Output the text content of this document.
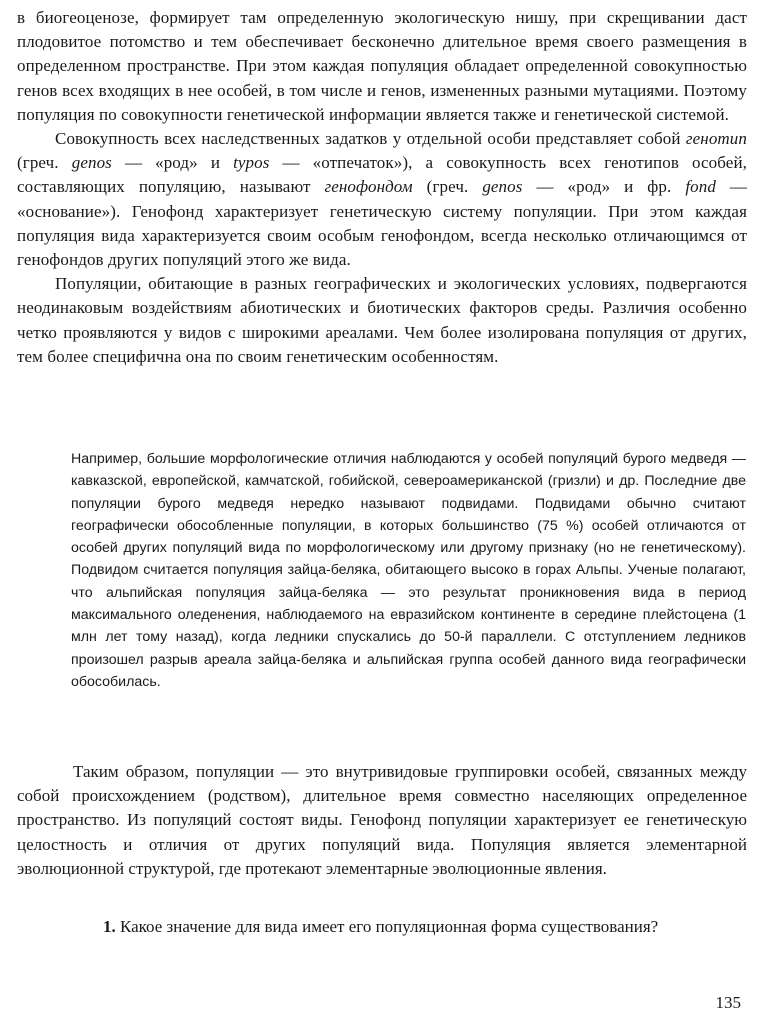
в биогеоценозе, формирует там определенную экологическую нишу, при скрещивании даст плодовитое потомство и тем обеспечивает бесконечно длительное время своего размещения в определенном пространстве. При этом каждая популяция обладает определенной совокупностью генов всех входящих в нее особей, в том числе и генов, измененных разными мутациями. Поэтому популяция по совокупности генетической информации является также и генетической системой.

Совокупность всех наследственных задатков у отдельной особи представляет собой генотип (греч. genos — «род» и typos — «отпечаток»), а совокупность всех генотипов особей, составляющих популяцию, называют генофондом (греч. genos — «род» и фр. fond — «основание»). Генофонд характеризует генетическую систему популяции. При этом каждая популяция вида характеризуется своим особым генофондом, всегда несколько отличающимся от генофондов других популяций этого же вида.

Популяции, обитающие в разных географических и экологических условиях, подвергаются неодинаковым воздействиям абиотических и биотических факторов среды. Различия особенно четко проявляются у видов с широкими ареалами. Чем более изолирована популяция от других, тем более специфична она по своим генетическим особенностям.

Например, большие морфологические отличия наблюдаются у особей популяций бурого медведя — кавказской, европейской, камчатской, гобийской, североамериканской (гризли) и др. Последние две популяции бурого медведя нередко называют подвидами. Подвидами обычно считают географически обособленные популяции, в которых большинство (75 %) особей отличаются от особей других популяций вида по морфологическому или другому признаку (но не генетическому). Подвидом считается популяция зайца-беляка, обитающего высоко в горах Альпы. Ученые полагают, что альпийская популяция зайца-беляка — это результат проникновения вида в период максимального оледенения, наблюдаемого на евразийском континенте в середине плейстоцена (1 млн лет тому назад), когда ледники спускались до 50-й параллели. С отступлением ледников произошел разрыв ареала зайца-беляка и альпийская группа особей данного вида географически обособилась.

Таким образом, популяции — это внутривидовые группировки особей, связанных между собой происхождением (родством), длительное время совместно населяющих определенное пространство. Из популяций состоят виды. Генофонд популяции характеризует ее генетическую целостность и отличия от других популяций вида. Популяция является элементарной эволюционной структурой, где протекают элементарные эволюционные явления.

1. Какое значение для вида имеет его популяционная форма существования?
135
